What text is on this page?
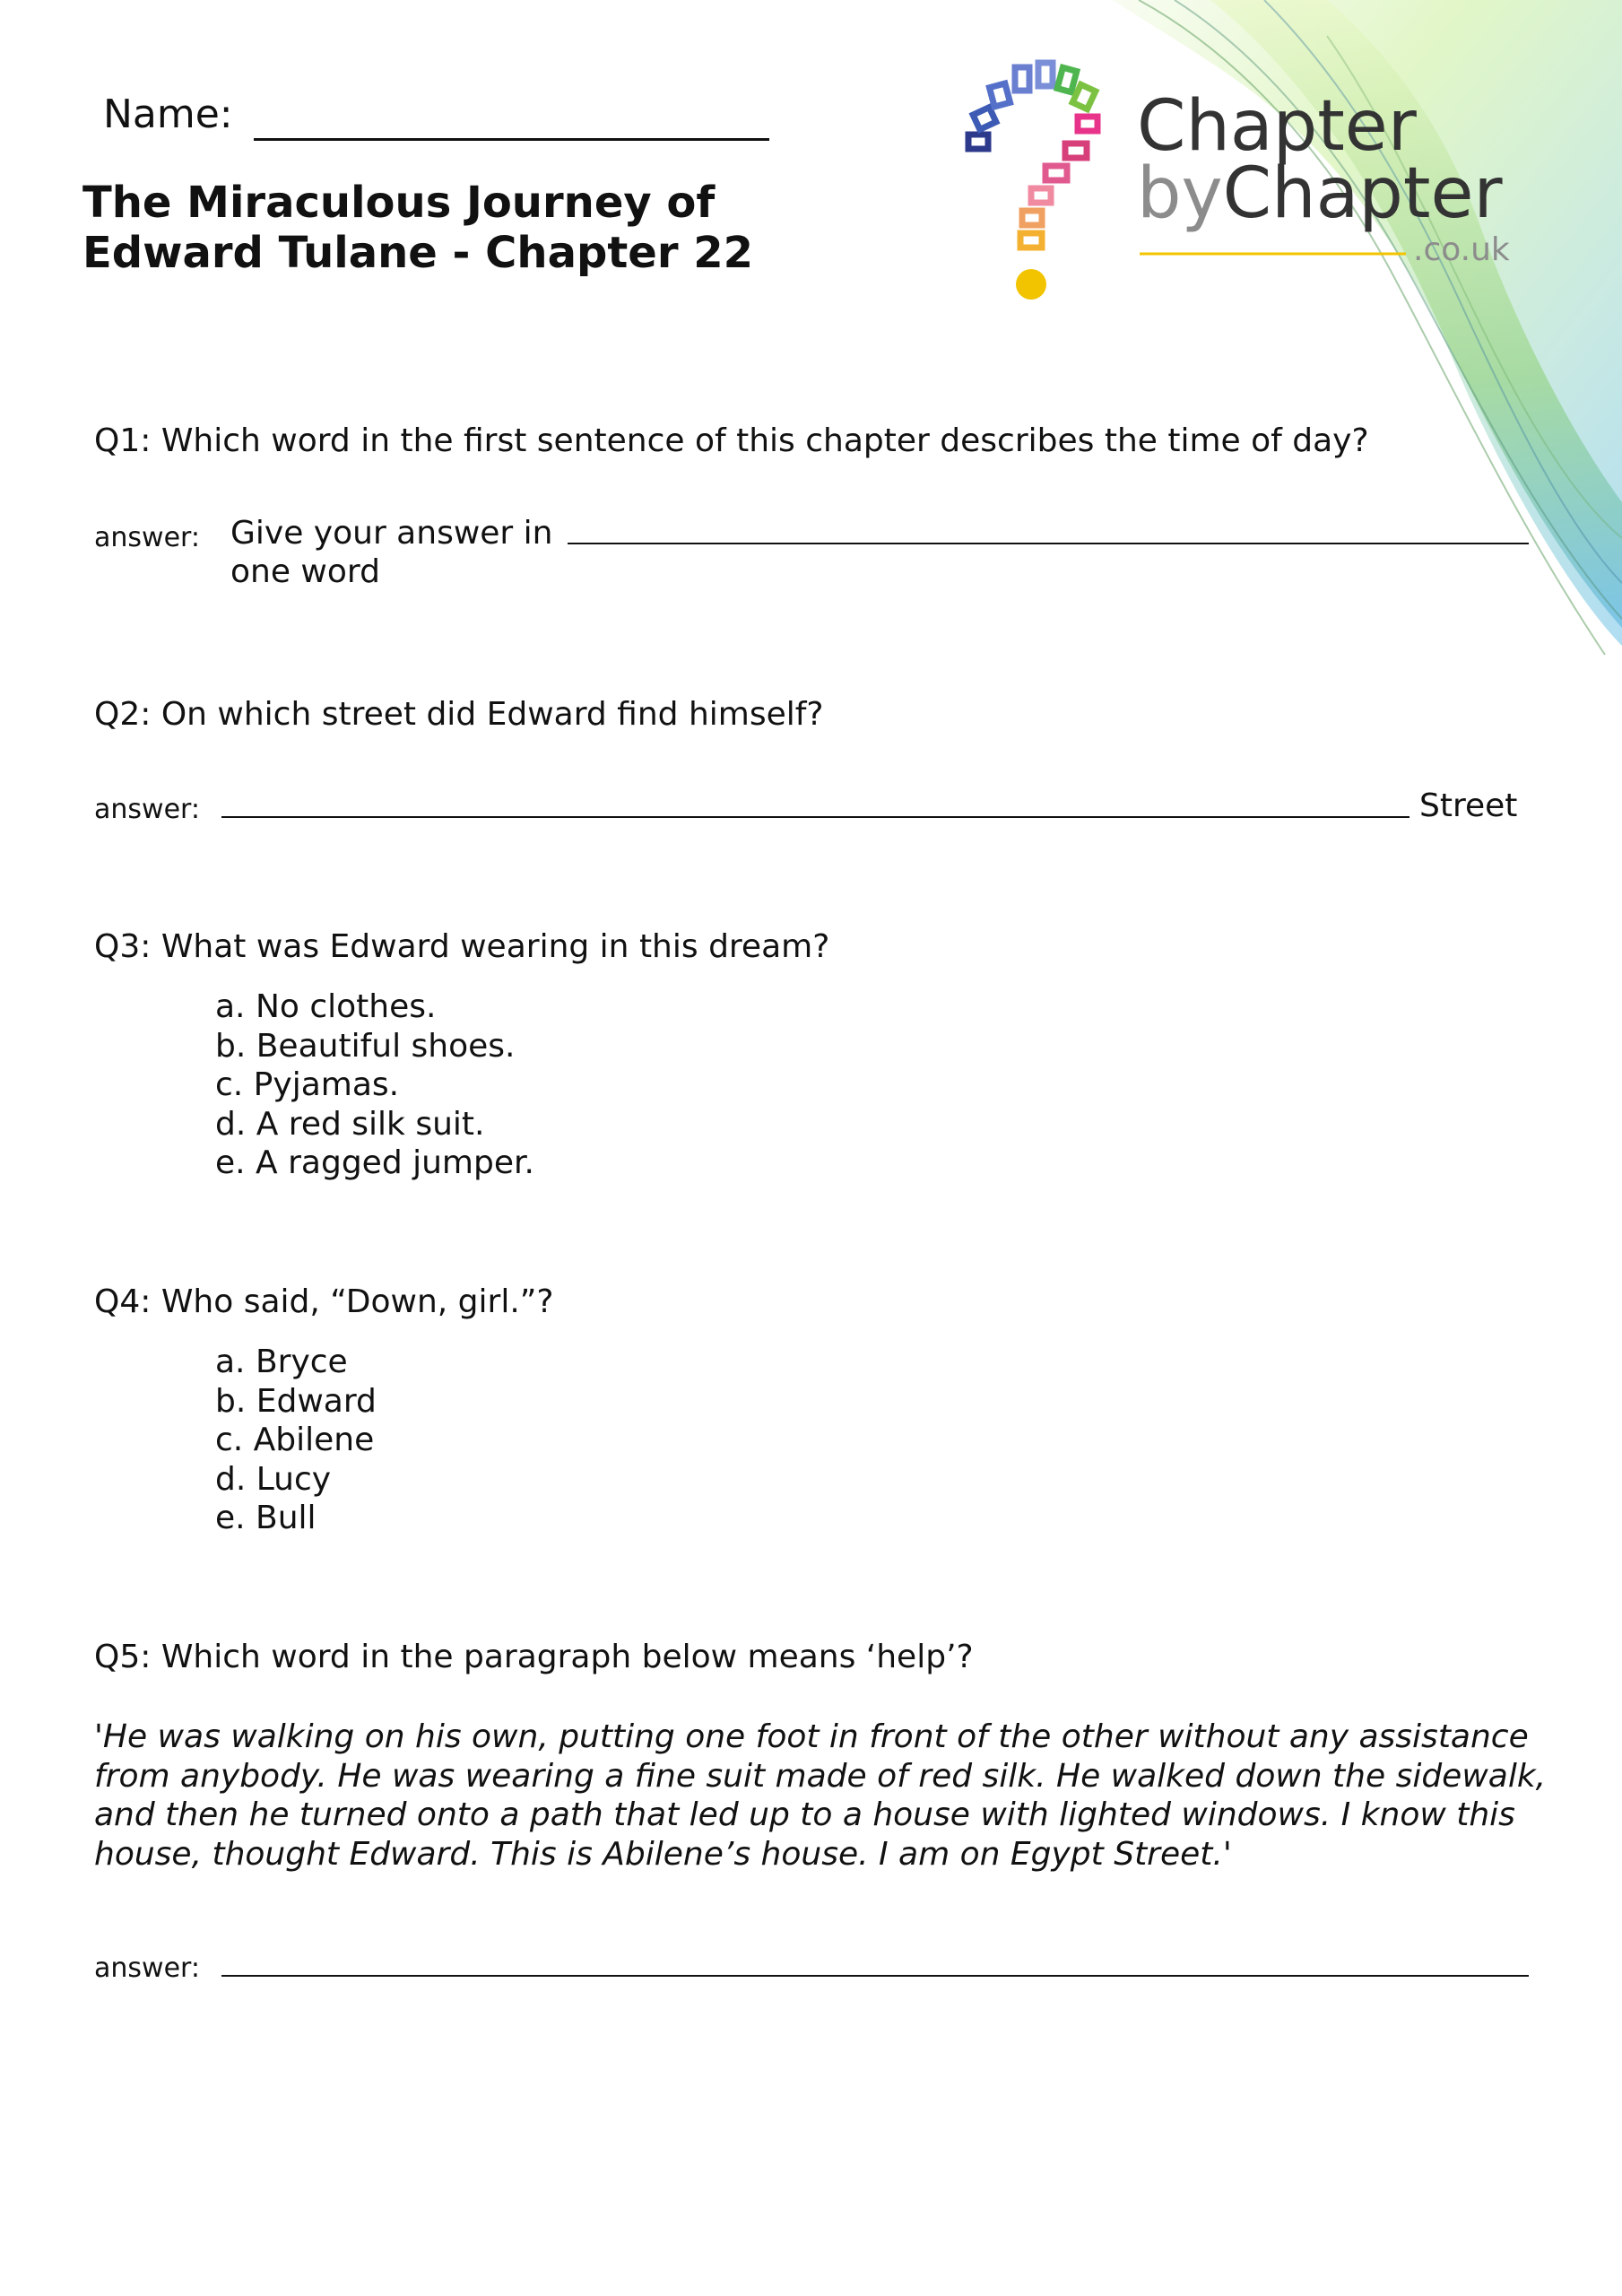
Chapter
byChapter
.co.uk
Name:
The Miraculous Journey of
Edward Tulane - Chapter 22
Q1: Which word in the first sentence of this chapter describes the time of day?
answer: Give your answer in
one word
Q2: On which street did Edward find himself?
answer:	Street
Q3: What was Edward wearing in this dream?
a. No clothes.
b. Beautiful shoes.
c. Pyjamas.
d. A red silk suit.
e. A ragged jumper.
Q4: Who said, “Down, girl.”?
a. Bryce
b. Edward
c. Abilene
d. Lucy
e. Bull
Q5: Which word in the paragraph below means ‘help’?

'He was walking on his own, putting one foot in front of the other without any assistance from anybody. He was wearing a fine suit made of red silk. He walked down the sidewalk, and then he turned onto a path that led up to a house with lighted windows. I know this house, thought Edward. This is Abilene’s house. I am on Egypt Street.'

answer:
